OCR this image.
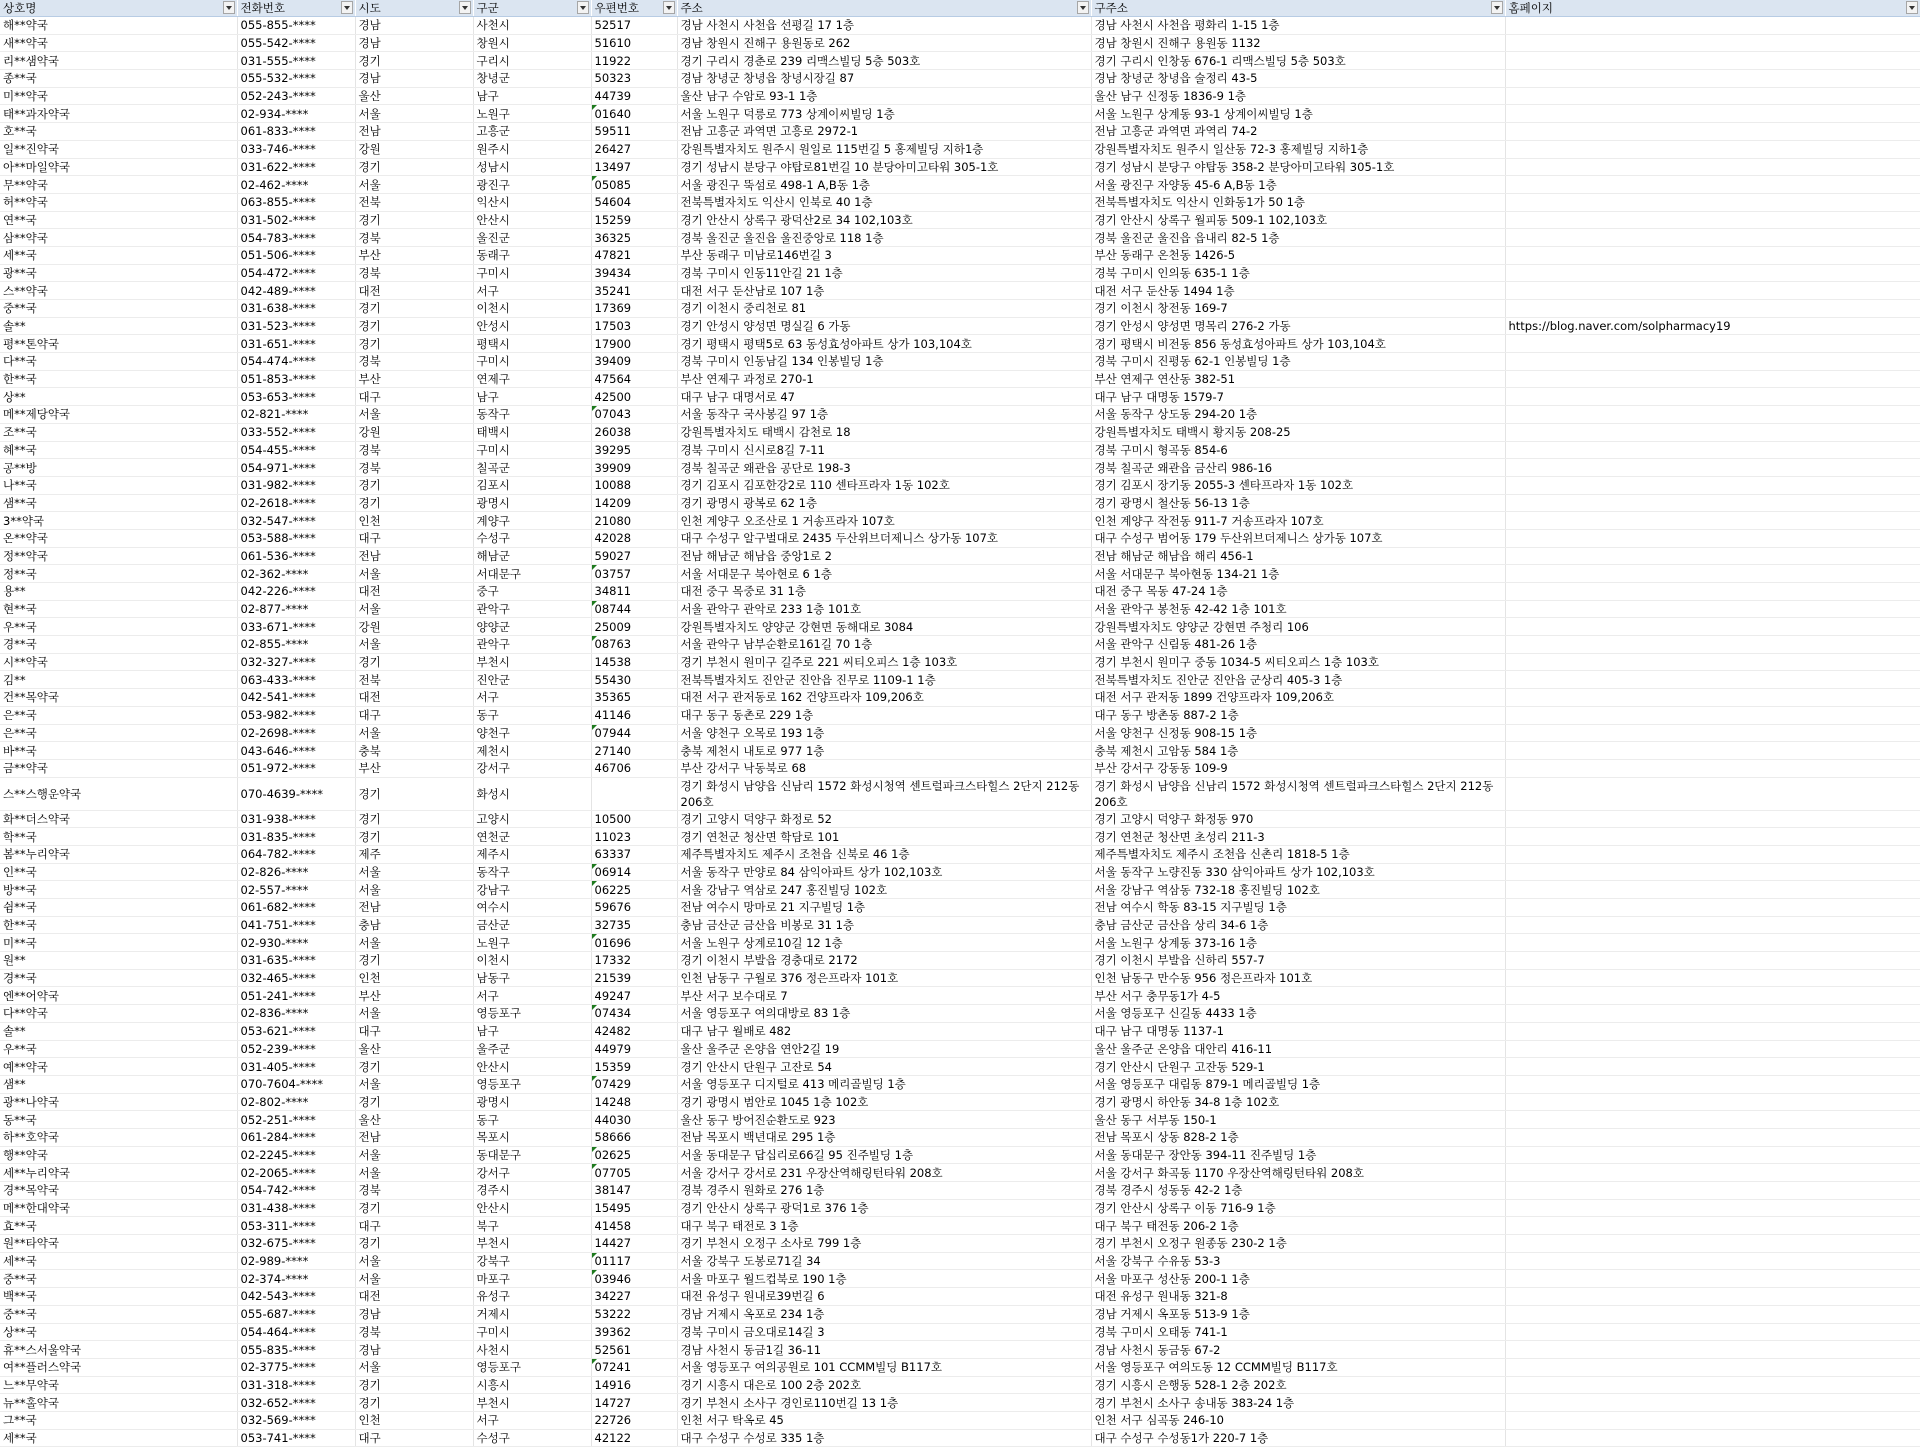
상호명	전화번호	시도	구군	우편번호	주소	구주소	홈페이지

해**약국	055-855-****	경남	사천시	52517	경남 사천시 사천읍 선평길 17 1층	경남 사천시 사천읍 평화리 1-15 1층	
새**약국	055-542-****	경남	창원시	51610	경남 창원시 진해구 용원동로 262	경남 창원시 진해구 용원동 1132	
리**샘약국	031-555-****	경기	구리시	11922	경기 구리시 경춘로 239 리맥스빌딩 5층 503호	경기 구리시 인창동 676-1 리맥스빌딩 5층 503호	
종**국	055-532-****	경남	창녕군	50323	경남 창녕군 창녕읍 창녕시장길 87	경남 창녕군 창녕읍 술정리 43-5	
미**약국	052-243-****	울산	남구	44739	울산 남구 수암로 93-1 1층	울산 남구 신정동 1836-9 1층	
태**과자약국	02-934-****	서울	노원구	01640	서울 노원구 덕릉로 773 상계이씨빌딩 1층	서울 노원구 상계동 93-1 상계이씨빌딩 1층	
호**국	061-833-****	전남	고흥군	59511	전남 고흥군 과역면 고흥로 2972-1	전남 고흥군 과역면 과역리 74-2	
일**진약국	033-746-****	강원	원주시	26427	강원특별자치도 원주시 원일로 115번길 5 홍제빌딩 지하1층	강원특별자치도 원주시 일산동 72-3 홍제빌딩 지하1층	
아**마일약국	031-622-****	경기	성남시	13497	경기 성남시 분당구 야탑로81번길 10 분당아미고타워 305-1호	경기 성남시 분당구 야탑동 358-2 분당아미고타워 305-1호	
무**약국	02-462-****	서울	광진구	05085	서울 광진구 뚝섬로 498-1 A,B동 1층	서울 광진구 자양동 45-6 A,B동 1층	
허**약국	063-855-****	전북	익산시	54604	전북특별자치도 익산시 인북로 40 1층	전북특별자치도 익산시 인화동1가 50 1층	
연**국	031-502-****	경기	안산시	15259	경기 안산시 상록구 광덕산2로 34 102,103호	경기 안산시 상록구 월피동 509-1 102,103호	
삼**약국	054-783-****	경북	울진군	36325	경북 울진군 울진읍 울진중앙로 118 1층	경북 울진군 울진읍 읍내리 82-5 1층	
세**국	051-506-****	부산	동래구	47821	부산 동래구 미남로146번길 3	부산 동래구 온천동 1426-5	
광**국	054-472-****	경북	구미시	39434	경북 구미시 인동11안길 21 1층	경북 구미시 인의동 635-1 1층	
스**약국	042-489-****	대전	서구	35241	대전 서구 둔산남로 107 1층	대전 서구 둔산동 1494 1층	
중**국	031-638-****	경기	이천시	17369	경기 이천시 중리천로 81	경기 이천시 창전동 169-7	
솔**	031-523-****	경기	안성시	17503	경기 안성시 양성면 명실길 6 가동	경기 안성시 양성면 명목리 276-2 가동	https://blog.naver.com/solpharmacy19
평**톤약국	031-651-****	경기	평택시	17900	경기 평택시 평택5로 63 동성효성아파트 상가 103,104호	경기 평택시 비전동 856 동성효성아파트 상가 103,104호	
다**국	054-474-****	경북	구미시	39409	경북 구미시 인동남길 134 인봉빌딩 1층	경북 구미시 진평동 62-1 인봉빌딩 1층	
한**국	051-853-****	부산	연제구	47564	부산 연제구 과정로 270-1	부산 연제구 연산동 382-51	
상**	053-653-****	대구	남구	42500	대구 남구 대명서로 47	대구 남구 대명동 1579-7	
메**제당약국	02-821-****	서울	동작구	07043	서울 동작구 국사봉길 97 1층	서울 동작구 상도동 294-20 1층	
조**국	033-552-****	강원	태백시	26038	강원특별자치도 태백시 감천로 18	강원특별자치도 태백시 황지동 208-25	
혜**국	054-455-****	경북	구미시	39295	경북 구미시 신시로8길 7-11	경북 구미시 형곡동 854-6	
공**방	054-971-****	경북	칠곡군	39909	경북 칠곡군 왜관읍 공단로 198-3	경북 칠곡군 왜관읍 금산리 986-16	
나**국	031-982-****	경기	김포시	10088	경기 김포시 김포한강2로 110 센타프라자 1동 102호	경기 김포시 장기동 2055-3 센타프라자 1동 102호	
샘**국	02-2618-****	경기	광명시	14209	경기 광명시 광복로 62 1층	경기 광명시 철산동 56-13 1층	
3**약국	032-547-****	인천	계양구	21080	인천 계양구 오조산로 1 거송프라자 107호	인천 계양구 작전동 911-7 거송프라자 107호	
온**약국	053-588-****	대구	수성구	42028	대구 수성구 알구벌대로 2435 두산위브더제니스 상가동 107호	대구 수성구 범어동 179 두산위브더제니스 상가동 107호	
정**약국	061-536-****	전남	해남군	59027	전남 해남군 해남읍 중앙1로 2	전남 해남군 해남읍 해리 456-1	
정**국	02-362-****	서울	서대문구	03757	서울 서대문구 북아현로 6 1층	서울 서대문구 북아현동 134-21 1층	
용**	042-226-****	대전	중구	34811	대전 중구 목중로 31 1층	대전 중구 목동 47-24 1층	
현**국	02-877-****	서울	관악구	08744	서울 관악구 관악로 233 1층 101호	서울 관악구 봉천동 42-42 1층 101호	
우**국	033-671-****	강원	양양군	25009	강원특별자치도 양양군 강현면 동해대로 3084	강원특별자치도 양양군 강현면 주청리 106	
경**국	02-855-****	서울	관악구	08763	서울 관악구 남부순환로161길 70 1층	서울 관악구 신림동 481-26 1층	
시**약국	032-327-****	경기	부천시	14538	경기 부천시 원미구 길주로 221 씨티오피스 1층 103호	경기 부천시 원미구 중동 1034-5 씨티오피스 1층 103호	
김**	063-433-****	전북	진안군	55430	전북특별자치도 진안군 진안읍 진무로 1109-1 1층	전북특별자치도 진안군 진안읍 군상리 405-3 1층	
건**목약국	042-541-****	대전	서구	35365	대전 서구 관저동로 162 건양프라자 109,206호	대전 서구 관저동 1899 건양프라자 109,206호	
은**국	053-982-****	대구	동구	41146	대구 동구 동촌로 229 1층	대구 동구 방촌동 887-2 1층	
은**국	02-2698-****	서울	양천구	07944	서울 양천구 오목로 193 1층	서울 양천구 신정동 908-15 1층	
바**국	043-646-****	충북	제천시	27140	충북 제천시 내토로 977 1층	충북 제천시 고암동 584 1층	
금**약국	051-972-****	부산	강서구	46706	부산 강서구 낙동북로 68	부산 강서구 강동동 109-9	
스**스행운약국	070-4639-****	경기	화성시		경기 화성시 남양읍 신남리 1572 화성시청역 센트럴파크스타힐스 2단지 212동 206호	경기 화성시 남양읍 신남리 1572 화성시청역 센트럴파크스타힐스 2단지 212동 206호	
화**더스약국	031-938-****	경기	고양시	10500	경기 고양시 덕양구 화정로 52	경기 고양시 덕양구 화정동 970	
학**국	031-835-****	경기	연천군	11023	경기 연천군 청산면 학담로 101	경기 연천군 청산면 초성리 211-3	
봄**누리약국	064-782-****	제주	제주시	63337	제주특별자치도 제주시 조천읍 신북로 46 1층	제주특별자치도 제주시 조천읍 신촌리 1818-5 1층	
인**국	02-826-****	서울	동작구	06914	서울 동작구 만양로 84 삼익아파트 상가 102,103호	서울 동작구 노량진동 330 삼익아파트 상가 102,103호	
방**국	02-557-****	서울	강남구	06225	서울 강남구 역삼로 247 홍진빌딩 102호	서울 강남구 역삼동 732-18 홍진빌딩 102호	
쉼**국	061-682-****	전남	여수시	59676	전남 여수시 망마로 21 지구빌딩 1층	전남 여수시 학동 83-15 지구빌딩 1층	
한**국	041-751-****	충남	금산군	32735	충남 금산군 금산읍 비봉로 31 1층	충남 금산군 금산읍 상리 34-6 1층	
미**국	02-930-****	서울	노원구	01696	서울 노원구 상계로10길 12 1층	서울 노원구 상계동 373-16 1층	
원**	031-635-****	경기	이천시	17332	경기 이천시 부발읍 경충대로 2172	경기 이천시 부발읍 신하리 557-7	
경**국	032-465-****	인천	남동구	21539	인천 남동구 구월로 376 정은프라자 101호	인천 남동구 만수동 956 정은프라자 101호	
엔**어약국	051-241-****	부산	서구	49247	부산 서구 보수대로 7	부산 서구 충무동1가 4-5	
다**약국	02-836-****	서울	영등포구	07434	서울 영등포구 여의대방로 83 1층	서울 영등포구 신길동 4433 1층	
솔**	053-621-****	대구	남구	42482	대구 남구 월배로 482	대구 남구 대명동 1137-1	
우**국	052-239-****	울산	울주군	44979	울산 울주군 온양읍 연안2길 19	울산 울주군 온양읍 대안리 416-11	
예**약국	031-405-****	경기	안산시	15359	경기 안산시 단원구 고잔로 54	경기 안산시 단원구 고잔동 529-1	
샘**	070-7604-****	서울	영등포구	07429	서울 영등포구 디지털로 413 메리골빌딩 1층	서울 영등포구 대림동 879-1 메리골빌딩 1층	
광**나약국	02-802-****	경기	광명시	14248	경기 광명시 범안로 1045 1층 102호	경기 광명시 하안동 34-8 1층 102호	
동**국	052-251-****	울산	동구	44030	울산 동구 방어진순환도로 923	울산 동구 서부동 150-1	
하**호약국	061-284-****	전남	목포시	58666	전남 목포시 백년대로 295 1층	전남 목포시 상동 828-2 1층	
행**약국	02-2245-****	서울	동대문구	02625	서울 동대문구 답십리로66길 95 진주빌딩 1층	서울 동대문구 장안동 394-11 진주빌딩 1층	
세**누리약국	02-2065-****	서울	강서구	07705	서울 강서구 강서로 231 우장산역해링턴타워 208호	서울 강서구 화곡동 1170 우장산역해링턴타워 208호	
경**목약국	054-742-****	경북	경주시	38147	경북 경주시 원화로 276 1층	경북 경주시 성동동 42-2 1층	
메**한대약국	031-438-****	경기	안산시	15495	경기 안산시 상록구 광덕1로 376 1층	경기 안산시 상록구 이동 716-9 1층	
효**국	053-311-****	대구	북구	41458	대구 북구 태전로 3 1층	대구 북구 태전동 206-2 1층	
원**타약국	032-675-****	경기	부천시	14427	경기 부천시 오정구 소사로 799 1층	경기 부천시 오정구 원종동 230-2 1층	
세**국	02-989-****	서울	강북구	01117	서울 강북구 도봉로71길 34	서울 강북구 수유동 53-3	
중**국	02-374-****	서울	마포구	03946	서울 마포구 월드컵북로 190 1층	서울 마포구 성산동 200-1 1층	
백**국	042-543-****	대전	유성구	34227	대전 유성구 원내로39번길 6	대전 유성구 원내동 321-8	
중**국	055-687-****	경남	거제시	53222	경남 거제시 옥포로 234 1층	경남 거제시 옥포동 513-9 1층	
상**국	054-464-****	경북	구미시	39362	경북 구미시 금오대로14길 3	경북 구미시 오태동 741-1	
휴**스서울약국	055-835-****	경남	사천시	52561	경남 사천시 동금1길 36-11	경남 사천시 동금동 67-2	
여**플러스약국	02-3775-****	서울	영등포구	07241	서울 영등포구 여의공원로 101 CCMM빌딩 B117호	서울 영등포구 여의도동 12 CCMM빌딩 B117호	
느**무약국	031-318-****	경기	시흥시	14916	경기 시흥시 대은로 100 2층 202호	경기 시흥시 은행동 528-1 2층 202호	
뉴**홀약국	032-652-****	경기	부천시	14727	경기 부천시 소사구 경인로110번길 13 1층	경기 부천시 소사구 송내동 383-24 1층	
그**국	032-569-****	인천	서구	22726	인천 서구 탁옥로 45	인천 서구 심곡동 246-10	
세**국	053-741-****	대구	수성구	42122	대구 수성구 수성로 335 1층	대구 수성구 수성동1가 220-7 1층	
